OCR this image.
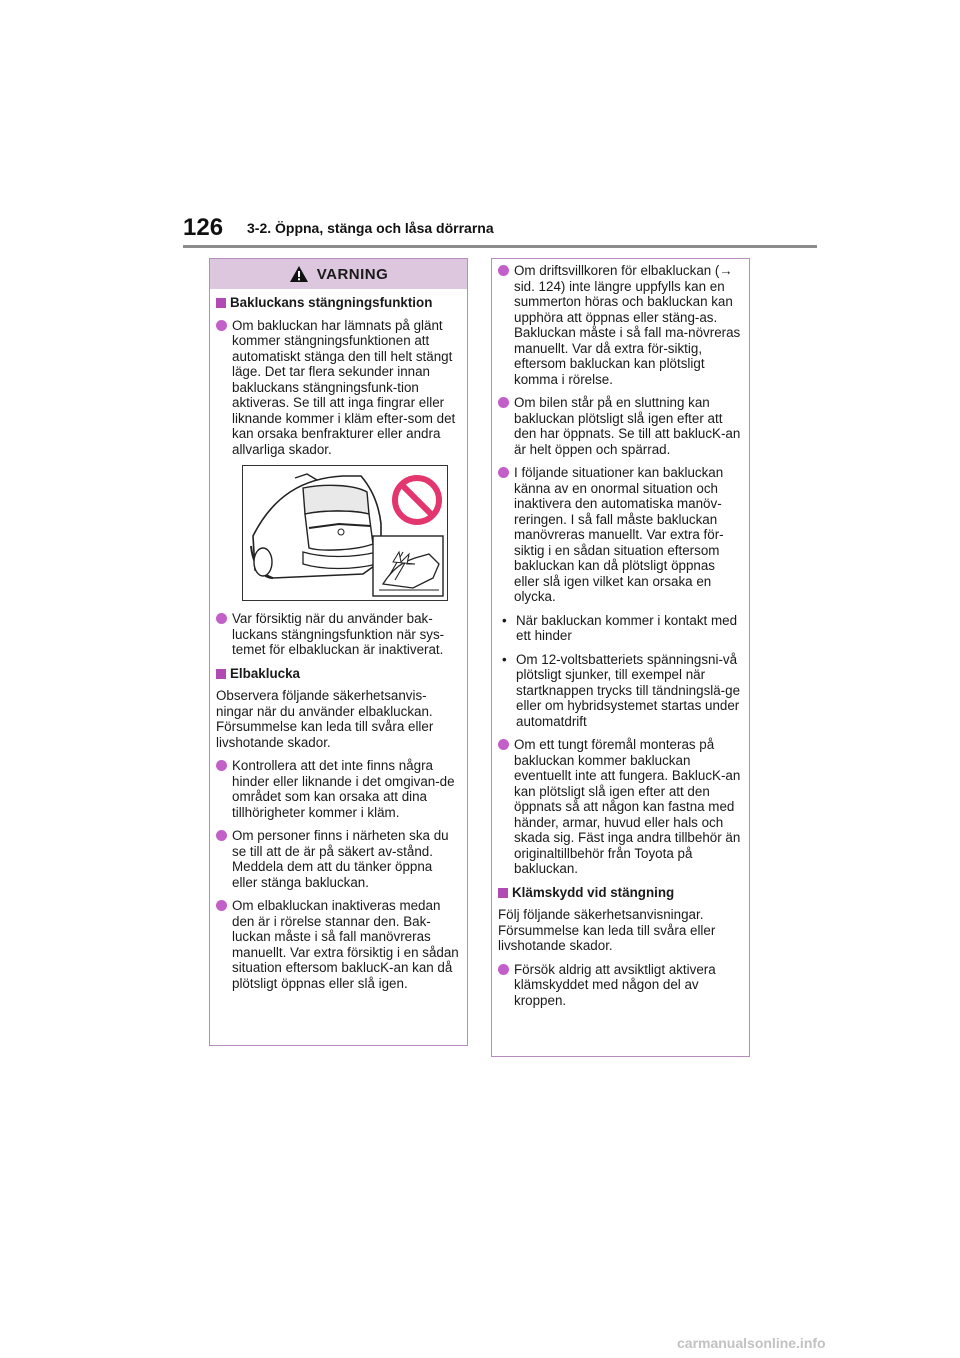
126 3-2. Öppna, stänga och låsa dörrarna
VARNING

Bakluckans stängningsfunktion

Om bakluckan har lämnats på glänt kommer stängningsfunktionen att automatiskt stänga den till helt stängt läge. Det tar flera sekunder innan bakluckans stängningsfunk-tion aktiveras. Se till att inga fingrar eller liknande kommer i kläm efter-som det kan orsaka benfrakturer eller andra allvarliga skador.

Var försiktig när du använder bak-luckans stängningsfunktion när sys-temet för elbakluckan är inaktiverat.

Elbaklucka

Observera följande säkerhetsanvis-ningar när du använder elbakluckan. Försummelse kan leda till svåra eller livshotande skador.

Kontrollera att det inte finns några hinder eller liknande i det omgivan-de området som kan orsaka att dina tillhörigheter kommer i kläm.

Om personer finns i närheten ska du se till att de är på säkert av-stånd. Meddela dem att du tänker öppna eller stänga bakluckan.

Om elbakluckan inaktiveras medan den är i rörelse stannar den. Bak-luckan måste i så fall manövreras manuellt. Var extra försiktig i en sådan situation eftersom baklucK-an kan då plötsligt öppnas eller slå igen.

Om driftsvillkoren för elbakluckan (→ sid. 124) inte längre uppfylls kan en summerton höras och bakluckan kan upphöra att öppnas eller stäng-as. Bakluckan måste i så fall ma-növreras manuellt. Var då extra för-siktig, eftersom bakluckan kan plötsligt komma i rörelse.

Om bilen står på en sluttning kan bakluckan plötsligt slå igen efter att den har öppnats. Se till att baklucK-an är helt öppen och spärrad.

I följande situationer kan bakluckan känna av en onormal situation och inaktivera den automatiska manöv-reringen. I så fall måste bakluckan manövreras manuellt. Var extra för-siktig i en sådan situation eftersom bakluckan kan då plötsligt öppnas eller slå igen vilket kan orsaka en olycka.

• När bakluckan kommer i kontakt med ett hinder

• Om 12-voltsbatteriets spänningsni-vå plötsligt sjunker, till exempel när startknappen trycks till tändningslä-ge eller om hybridsystemet startas under automatdrift

Om ett tungt föremål monteras på bakluckan kommer bakluckan eventuellt inte att fungera. BaklucK-an kan plötsligt slå igen efter att den öppnats så att någon kan fastna med händer, armar, huvud eller hals och skada sig. Fäst inga andra tillbehör än originaltillbehör från Toyota på bakluckan.

Klämskydd vid stängning

Följ följande säkerhetsanvisningar. Försummelse kan leda till svåra eller livshotande skador.

Försök aldrig att avsiktligt aktivera klämskyddet med någon del av kroppen.

carmanualsonline.info
